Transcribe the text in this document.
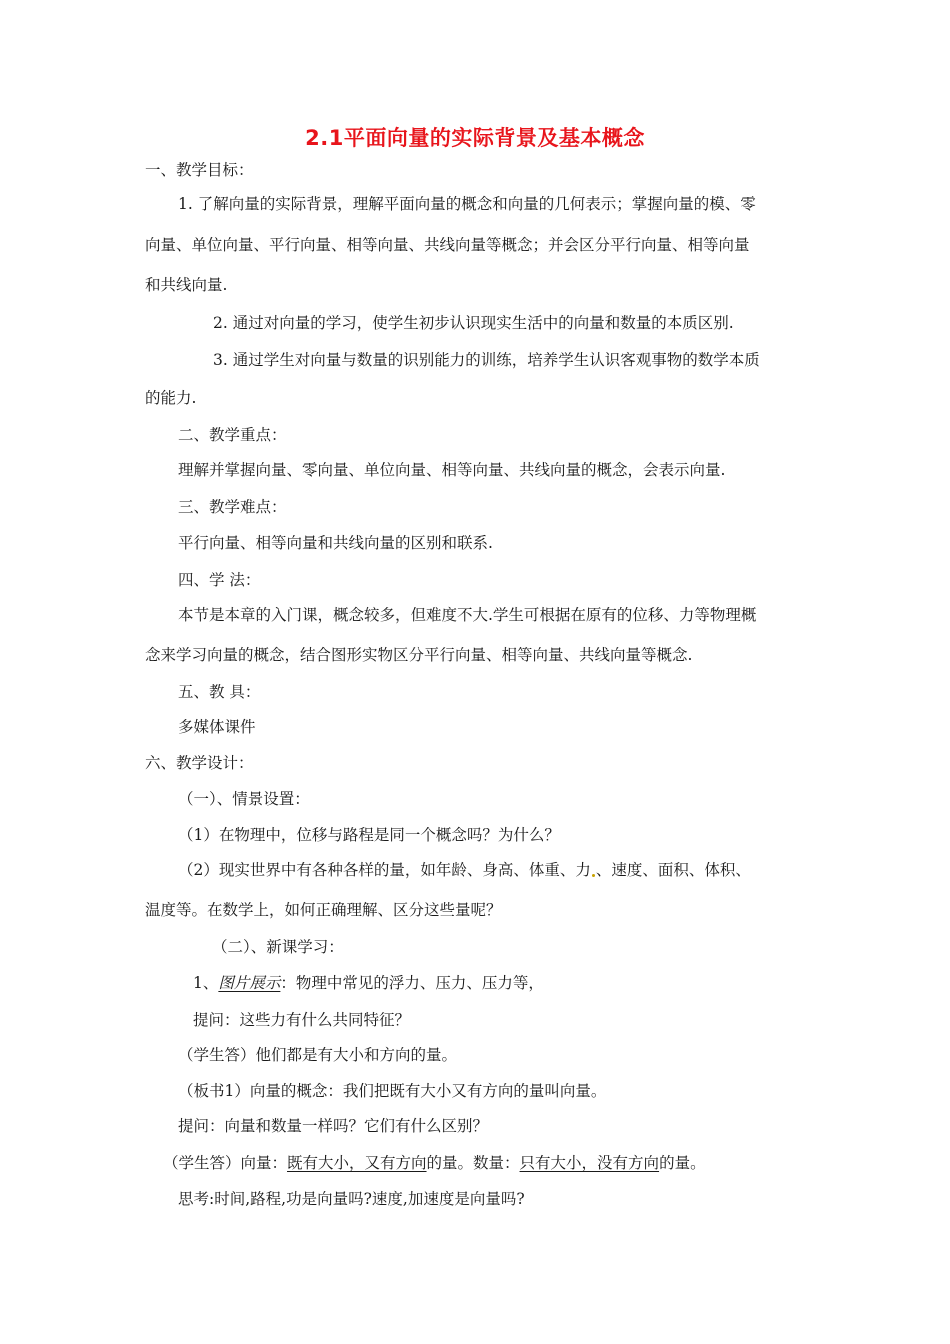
2.1平面向量的实际背景及基本概念
一、教学目标：
1. 了解向量的实际背景，理解平面向量的概念和向量的几何表示；掌握向量的模、零
向量、单位向量、平行向量、相等向量、共线向量等概念；并会区分平行向量、相等向量
和共线向量.
2. 通过对向量的学习，使学生初步认识现实生活中的向量和数量的本质区别.
3. 通过学生对向量与数量的识别能力的训练，培养学生认识客观事物的数学本质
的能力.
二、教学重点：
理解并掌握向量、零向量、单位向量、相等向量、共线向量的概念，会表示向量.
三、教学难点：
平行向量、相等向量和共线向量的区别和联系.
四、学 法：
本节是本章的入门课，概念较多，但难度不大.学生可根据在原有的位移、力等物理概
念来学习向量的概念，结合图形实物区分平行向量、相等向量、共线向量等概念.
五、教 具：
多媒体课件
六、教学设计：
（一）、情景设置：
（1）在物理中，位移与路程是同一个概念吗？为什么？
（2）现实世界中有各种各样的量，如年龄、身高、体重、力 、速度、面积、体积、
温度等。在数学上，如何正确理解、区分这些量呢？
（二）、新课学习：
1、图片展示：物理中常见的浮力、压力、压力等，
提问：这些力有什么共同特征？
（学生答）他们都是有大小和方向的量。
（板书1）向量的概念：我们把既有大小又有方向的量叫向量。
提问：向量和数量一样吗？它们有什么区别？
（学生答）向量：既有大小，又有方向的量。数量：只有大小，没有方向的量。
思考:时间,路程,功是向量吗?速度,加速度是向量吗?
